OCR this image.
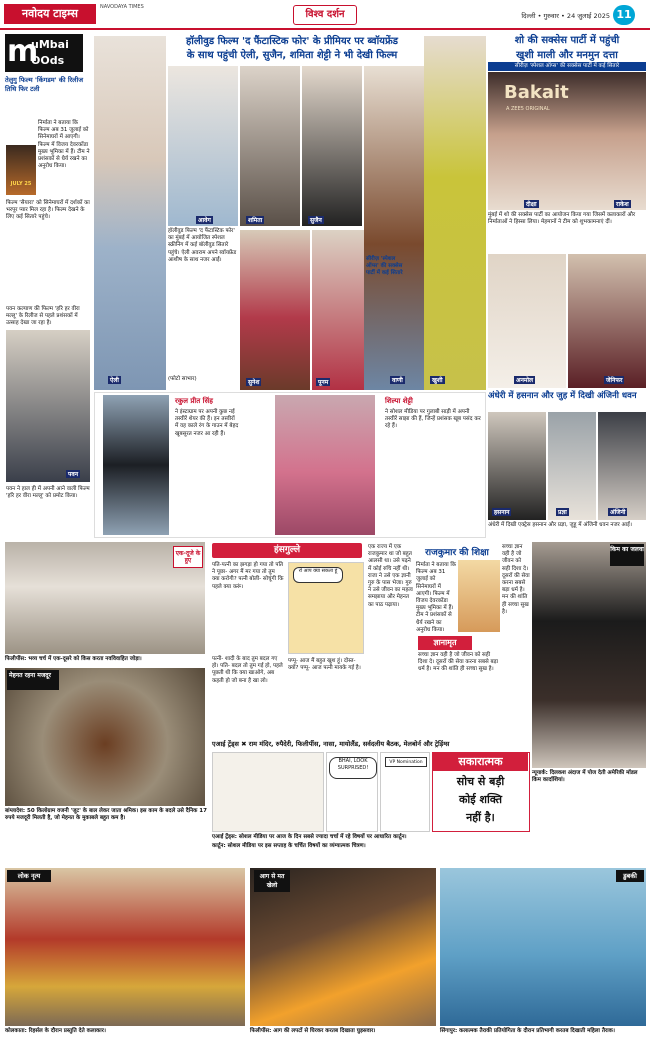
नवोदय टाइम्स	NAVODAYA TIMES
विश्व दर्शन	दिल्ली • गुरुवार • 24 जुलाई 2025 11
m
uMbai
OOds
तेलुगु फिल्म 'किंगडम' की रिलीज तिथि फिर टली
निर्माता ने बताया कि फिल्म अब 31 जुलाई को सिनेमाघरों में आएगी। फिल्म में विजय देवरकोंडा मुख्य भूमिका में हैं। टीम ने प्रशंसकों से धैर्य रखने का अनुरोध किया।
JULY 25
फिल्म 'सैयारा' को सिनेमाघरों में दर्शकों का भरपूर प्यार मिल रहा है। फिल्म देखने के लिए कई सितारे पहुंचे।
पवन कल्याण की फिल्म 'हरि हर वीरा मल्लू' के रिलीज से पहले प्रशंसकों में उत्साह देखा जा रहा है।
पवन
पवन ने हाल ही में अपनी आने वाली फिल्म 'हरि हर वीरा मल्लू' को प्रमोट किया।
हॉलीवुड फिल्म 'द फैंटास्टिक फोर' के प्रीमियर पर ब्वॉयफ्रेंड
के साथ पहुंची ऐली, सुजैन, शमिता शेट्टी ने भी देखी फिल्म
ऐली
आवेग	शमिता	सुजैन
वाणी	खुशी
हॉलीवुड फिल्म 'द फैंटास्टिक फोर' का मुंबई में आयोजित स्पेशल स्क्रीनिंग में कई बॉलीवुड सितारे पहुंचे। ऐली अवराम अपने ब्वॉयफ्रेंड आशीष के साथ नजर आईं।
(फोटो साभार)	सुनेश	पूनम
सीरीज़ 'स्पेशल ऑप्स' की सक्सेस पार्टी में कई सितारे
शो की सक्सेस पार्टी में पहुंची
खुशी माली और मनमुन दत्ता
सीरीज़ 'स्पेशल ऑप्स' की सक्सेस पार्टी में कई सितारे
Bakait
A ZEE5 ORIGINAL
दीक्षा	राकेश
मुंबई में शो की सक्सेस पार्टी का आयोजन किया गया जिसमें कलाकारों और निर्माताओं ने हिस्सा लिया। मेहमानों ने टीम को शुभकामनाएं दीं।
अनमोल	जेनिफर
रकुल प्रीत सिंह
ने इंस्टाग्राम पर अपनी कुछ नई तस्वीरें शेयर की हैं। इन तस्वीरों में वह काले रंग के गाउन में बेहद खूबसूरत नजर आ रही हैं।
शिल्पा शेट्टी
ने सोशल मीडिया पर गुलाबी साड़ी में अपनी तस्वीरें साझा की हैं, जिन्हें प्रशंसक खूब पसंद कर रहे हैं।
अंधेरी में हसनान और जुह में दिखी अंजिनी धवन
हसनान	प्रज्ञा	अंजिनी
अंधेरी में दिखी एक्ट्रेस हसनान और प्रज्ञा, जुहू में अंजिनी धवन नजर आईं।
एक-दूजे के हुए
फिलीपींस: भव्य चर्च में एक-दूसरे को किस करता नवविवाहित जोड़ा।
मेहनत रहना मजदूर
बांग्लादेश: 50 किलोग्राम वजनी 'जूट' के बाल लेकर जाता श्रमिक। इस काम के बदले उसे दैनिक 17 रुपये मजदूरी मिलती है, जो मेहनत के मुकाबले बहुत कम है।
हंसगुल्ले
पति-पत्नी का झगड़ा हो गया तो पति ने पूछा- अगर मैं मर गया तो तुम क्या करोगी? पत्नी बोली- सोचूंगी कि पहले क्या करूं।
रो आप क्या सकता हूं
पत्नी- शादी के बाद तुम बदल गए हो। पति- बदल तो तुम गई हो, पहले पूछती थी कि क्या खाओगे, अब कहती हो जो बना है खा लो।
पप्पू- आज मैं बहुत खुश हूं। दोस्त- क्यों? पप्पू- आज पत्नी मायके गई है।
एक राज्य में एक राजकुमार था जो बहुत आलसी था। उसे पढ़ने में कोई रुचि नहीं थी। राजा ने उसे एक ज्ञानी गुरु के पास भेजा। गुरु ने उसे जीवन का महत्व समझाया और मेहनत का पाठ पढ़ाया।
राजकुमार की शिक्षा
निर्माता ने बताया कि फिल्म अब 31 जुलाई को सिनेमाघरों में आएगी। फिल्म में विजय देवरकोंडा मुख्य भूमिका में हैं। टीम ने प्रशंसकों से धैर्य रखने का अनुरोध किया।
ज्ञानामृत
सच्चा ज्ञान वही है जो जीवन को सही दिशा दे। दूसरों की सेवा करना सबसे बड़ा धर्म है। मन की शांति ही सच्चा सुख है।
सच्चा ज्ञान वही है जो जीवन को सही दिशा दे। दूसरों की सेवा करना सबसे बड़ा धर्म है। मन की शांति ही सच्चा सुख है।
किम का जलवा
न्यूयार्क: दिलकश अंदाज में पोज देती अमेरिकी मॉडल किम कार्दाशियां।
एआई ट्रेंड्स ✖ राम मंदिर, रुपैदेरी, फिलीपींस, नासा, मायोलैंड, सर्वदलीय बैठक, मेलबोर्न और ट्रेड़िंग्स
BHAI, LOOK SURPRISED!
VP Nomination
एआई ट्रेंड्स: सोशल मीडिया पर आज के दिन सबसे ज्यादा चर्चा में रहे विषयों पर आधारित कार्टून।
कार्टून: सोशल मीडिया पर इस सप्ताह के चर्चित विषयों का व्यंग्यात्मक चित्रण।
सकारात्मक
सोच से बड़ी
कोई शक्ति
नहीं है।
लोक नृत्य
कोलकाता: रिहर्सल के दौरान प्रस्तुति देते कलाकार।
आग से मत खेलो
फिलीपींस: आग की लपटों से घिरकर करतब दिखाता घुड़सवार।
डुबकी
सिंगापुर: कलात्मक तैराकी प्रतियोगिता के दौरान प्रतिभागी करतब दिखाती महिला तैराक।
